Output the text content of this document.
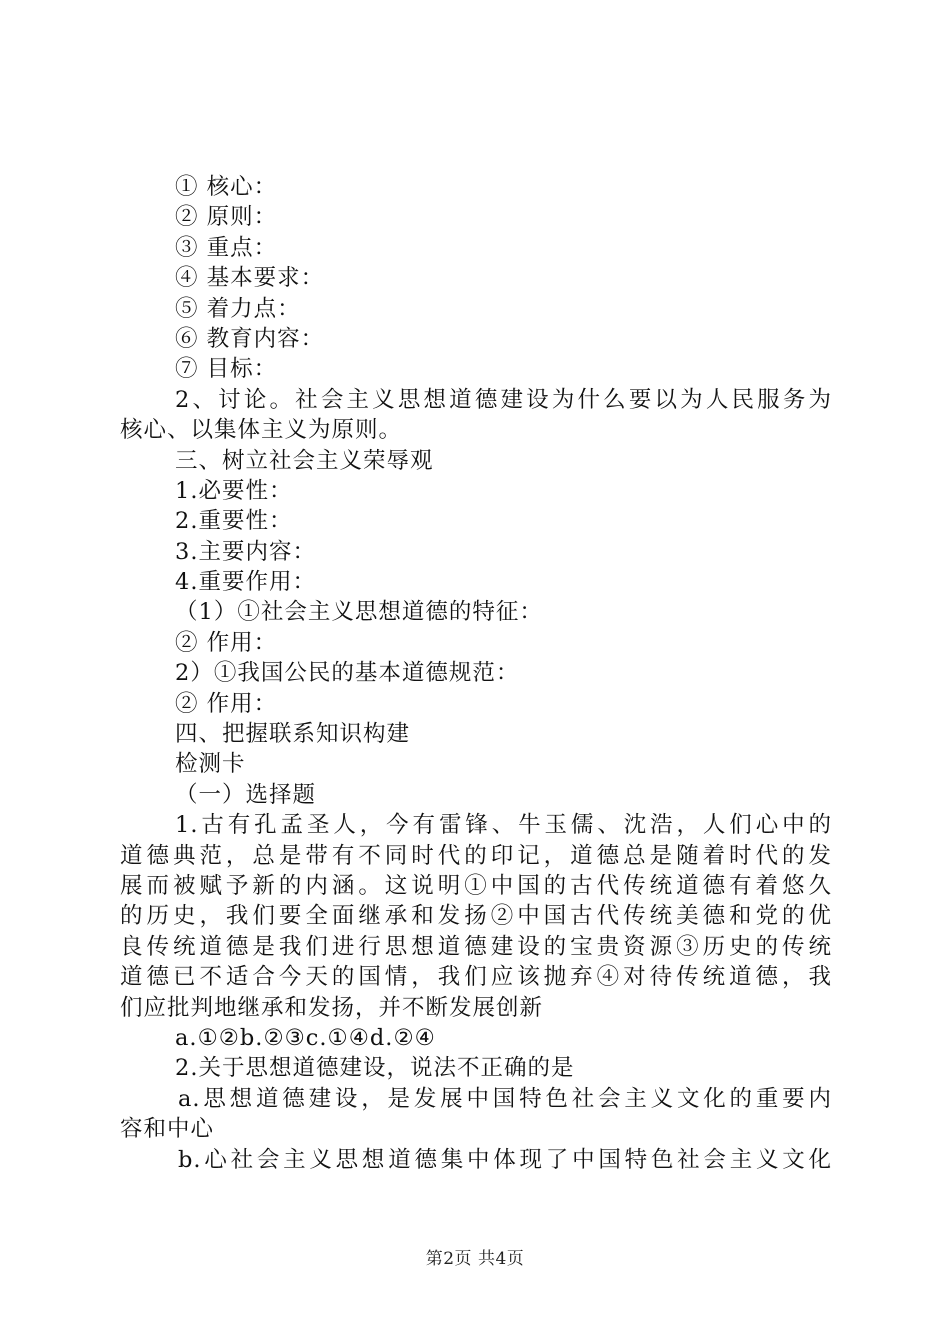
① 核心：
② 原则：
③ 重点：
④ 基本要求：
⑤ 着力点：
⑥ 教育内容：
⑦ 目标：
2、讨论。社会主义思想道德建设为什么要以为人民服务为
核心、以集体主义为原则。
三、树立社会主义荣辱观
1.必要性：
2.重要性：
3.主要内容：
4.重要作用：
（1）①社会主义思想道德的特征：
② 作用：
2）①我国公民的基本道德规范：
② 作用：
四、把握联系知识构建
检测卡
（一）选择题
1.古有孔孟圣人，今有雷锋、牛玉儒、沈浩，人们心中的
道德典范，总是带有不同时代的印记，道德总是随着时代的发
展而被赋予新的内涵。这说明①中国的古代传统道德有着悠久
的历史，我们要全面继承和发扬②中国古代传统美德和党的优
良传统道德是我们进行思想道德建设的宝贵资源③历史的传统
道德已不适合今天的国情，我们应该抛弃④对待传统道德，我
们应批判地继承和发扬，并不断发展创新
a.①②b.②③c.①④d.②④
2.关于思想道德建设，说法不正确的是
a.思想道德建设，是发展中国特色社会主义文化的重要内
容和中心
b.心社会主义思想道德集中体现了中国特色社会主义文化
第2页 共4页
